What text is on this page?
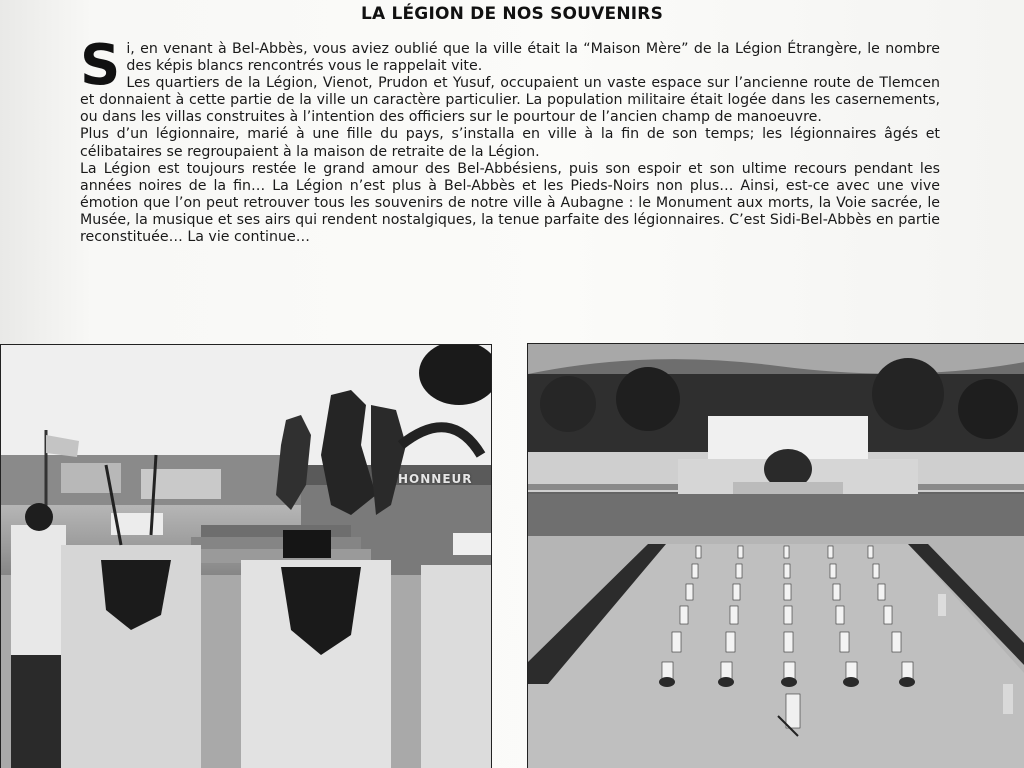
LA LÉGION DE NOS SOUVENIRS
S i, en venant à Bel-Abbès, vous aviez oublié que la ville était la “Maison Mère” de la Légion Étrangère, le nombre des képis blancs rencontrés vous le rappelait vite.

Les quartiers de la Légion, Vienot, Prudon et Yusuf, occupaient un vaste espace sur l’ancienne route de Tlemcen et donnaient à cette partie de la ville un caractère particulier. La population militaire était logée dans les casernements, ou dans les villas construites à l’intention des officiers sur le pourtour de l’ancien champ de manoeuvre.

Plus d’un légionnaire, marié à une fille du pays, s’installa en ville à la fin de son temps; les légionnaires âgés et célibataires se regroupaient à la maison de retraite de la Légion.

La Légion est toujours restée le grand amour des Bel-Abbésiens, puis son espoir et son ultime recours pendant les années noires de la fin… La Légion n’est plus à Bel-Abbès et les Pieds-Noirs non plus… Ainsi, est-ce avec une vive émotion que l’on peut retrouver tous les souvenirs de notre ville à Aubagne : le Monument aux morts, la Voie sacrée, le Musée, la musique et ses airs qui rendent nostalgiques, la tenue parfaite des légionnaires. C’est Sidi-Bel-Abbès en partie reconstituée… La vie continue…

HONNEUR
